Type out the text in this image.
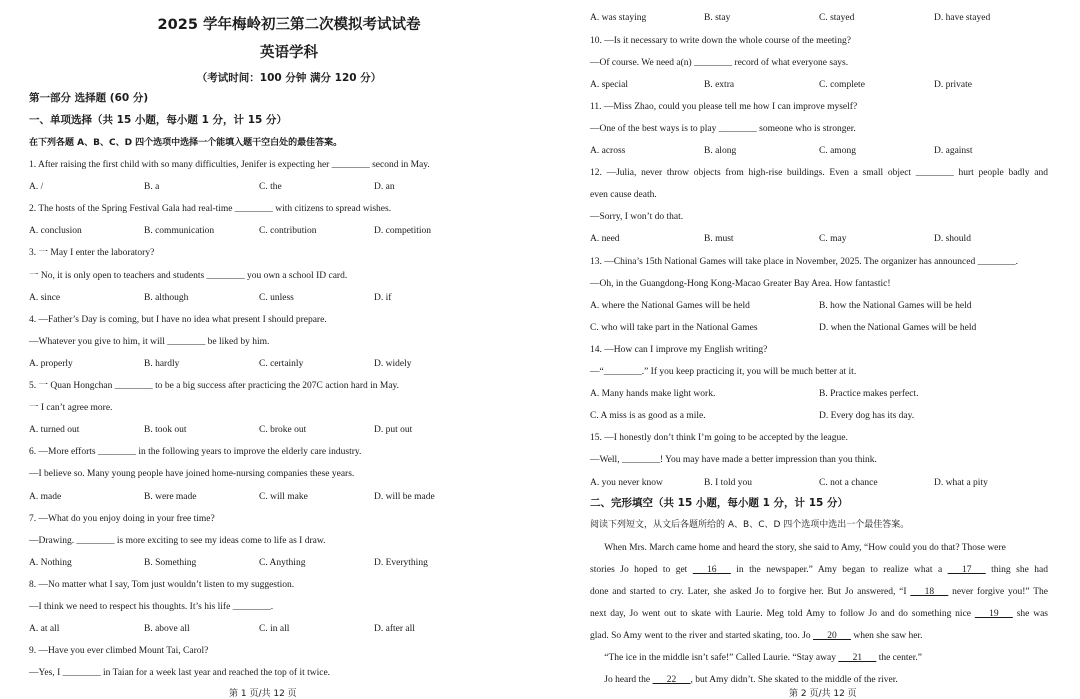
2025 学年梅岭初三第二次模拟考试试卷
英语学科
（考试时间：100 分钟 满分 120 分）
第一部分 选择题 (60 分)
一、单项选择（共 15 小题，每小题 1 分，计 15 分）
在下列各题 A、B、C、D 四个选项中选择一个能填入题干空白处的最佳答案。
1. After raising the first child with so many difficulties, Jenifer is expecting her ________ second in May.
A. /	B. a	C. the	D. an
2. The hosts of the Spring Festival Gala had real-time ________ with citizens to spread wishes.
A. conclusion	B. communication	C. contribution	D. competition
3. 一 May I enter the laboratory?
一 No, it is only open to teachers and students ________ you own a school ID card.
A. since	B. although	C. unless	D. if
4. —Father’s Day is coming, but I have no idea what present I should prepare.
—Whatever you give to him, it will ________ be liked by him.
A. properly	B. hardly	C. certainly	D. widely
5. 一 Quan Hongchan ________ to be a big success after practicing the 207C action hard in May.
一 I can’t agree more.
A. turned out	B. took out	C. broke out	D. put out
6. —More efforts ________ in the following years to improve the elderly care industry.
—I believe so. Many young people have joined home-nursing companies these years.
A. made	B. were made	C. will make	D. will be made
7. —What do you enjoy doing in your free time?
—Drawing. ________ is more exciting to see my ideas come to life as I draw.
A. Nothing	B. Something	C. Anything	D. Everything
8. —No matter what I say, Tom just wouldn’t listen to my suggestion.
—I think we need to respect his thoughts. It’s his life ________.
A. at all	B. above all	C. in all	D. after all
9. —Have you ever climbed Mount Tai, Carol?
—Yes, I ________ in Taian for a week last year and reached the top of it twice.
A. was staying	B. stay	C. stayed	D. have stayed
10. —Is it necessary to write down the whole course of the meeting?
—Of course. We need a(n) ________ record of what everyone says.
A. special	B. extra	C. complete	D. private
11. —Miss Zhao, could you please tell me how I can improve myself?
—One of the best ways is to play ________ someone who is stronger.
A. across	B. along	C. among	D. against
12. —Julia, never throw objects from high-rise buildings. Even a small object ________ hurt people badly and
even cause death.
—Sorry, I won’t do that.
A. need	B. must	C. may	D. should
13. —China’s 15th National Games will take place in November, 2025. The organizer has announced ________.
—Oh, in the Guangdong-Hong Kong-Macao Greater Bay Area. How fantastic!
A. where the National Games will be held	B. how the National Games will be held
C. who will take part in the National Games	D. when the National Games will be held
14. —How can I improve my English writing?
—“________.” If you keep practicing it, you will be much better at it.
A. Many hands make light work.	B. Practice makes perfect.
C. A miss is as good as a mile.	D. Every dog has its day.
15. —I honestly don’t think I’m going to be accepted by the league.
—Well, ________! You may have made a better impression than you think.
A. you never know	B. I told you	C. not a chance	D. what a pity
二、完形填空（共 15 小题，每小题 1 分，计 15 分）
阅读下列短文，从文后各题所给的 A、B、C、D 四个选项中选出一个最佳答案。
When Mrs. March came home and heard the story, she said to Amy, “How could you do that? Those were
stories Jo hoped to get   16   in the newspaper.” Amy began to realize what a   17   thing she had
done and started to cry. Later, she asked Jo to forgive her. But Jo answered, “I   18   never forgive you!” The
next day, Jo went out to skate with Laurie. Meg told Amy to follow Jo and do something nice   19   she was
glad. So Amy went to the river and started skating, too. Jo   20   when she saw her.
“The ice in the middle isn’t safe!” Called Laurie. “Stay away   21   the center.”
Jo heard the   22  , but Amy didn’t. She skated to the middle of the river.
第 1 页/共 12 页	第 2 页/共 12 页
